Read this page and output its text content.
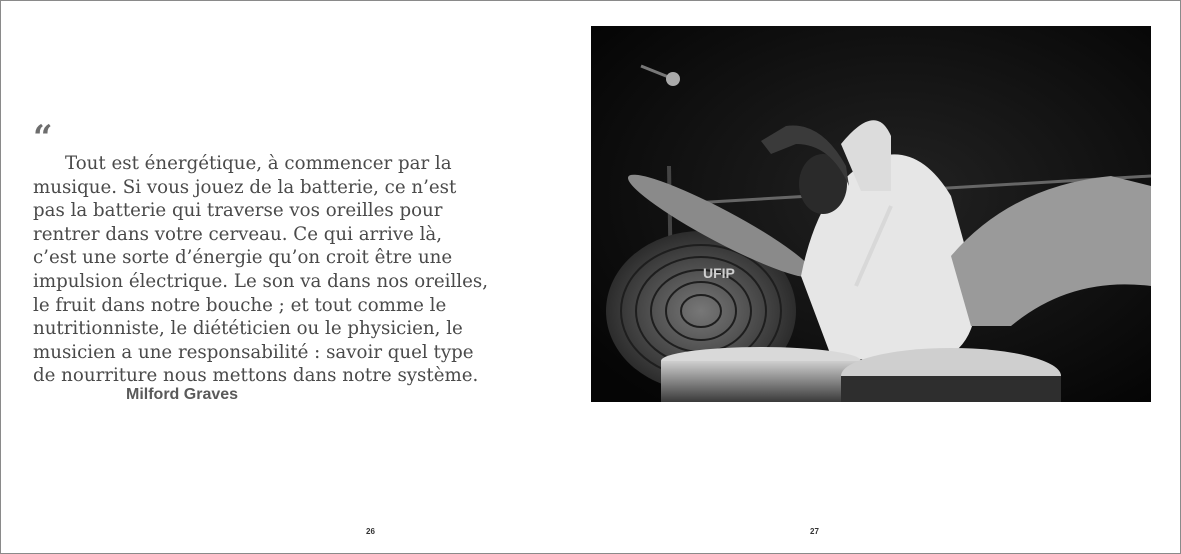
“

Tout est énergétique, à commencer par la
musique. Si vous jouez de la batterie, ce n’est
pas la batterie qui traverse vos oreilles pour
rentrer dans votre cerveau. Ce qui arrive là,
c’est une sorte d’énergie qu’on croit être une
impulsion électrique. Le son va dans nos oreilles,
le fruit dans notre bouche ; et tout comme le
nutritionniste, le diététicien ou le physicien, le
musicien a une responsabilité : savoir quel type
de nourriture nous mettons dans notre système.

Milford Graves
26
UFIP
27
